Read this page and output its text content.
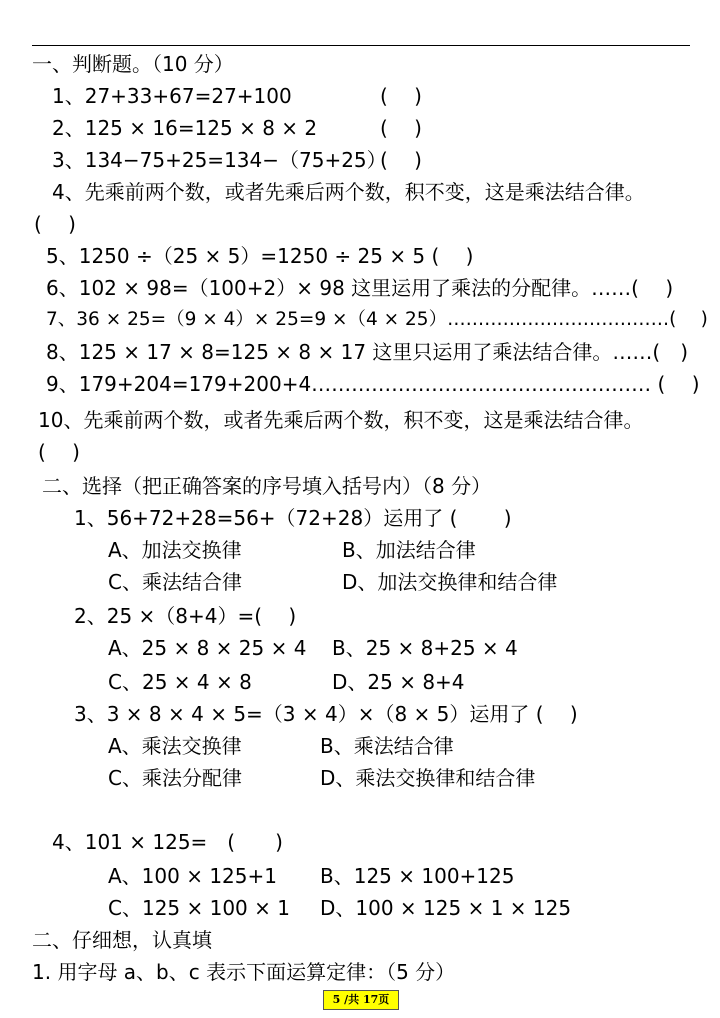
一、判断题。（10 分）
1、27+33+67=27+100	(　 )
2、125 × 16=125 × 8 × 2	(　 )
3、134−75+25=134−（75+25）
(　 )
4、先乘前两个数，或者先乘后两个数，积不变，这是乘法结合律。
(　 )
5、1250 ÷（25 × 5）=1250 ÷ 25 × 5 (　 )
6、102 × 98=（100+2）× 98 这里运用了乘法的分配律。……(　 )
7、36 × 25=（9 × 4）× 25=9 ×（4 × 25）………………………………(　 )
8、125 × 17 × 8=125 × 8 × 17 这里只运用了乘法结合律。……(　)
9、179+204=179+200+4…………………………………………… (　 )
10、先乘前两个数，或者先乘后两个数，积不变，这是乘法结合律。
(　 )
二、选择（把正确答案的序号填入括号内）（8 分）
1、56+72+28=56+（72+28）运用了 (　　 )
A、加法交换律	B、加法结合律
C、乘法结合律	D、加法交换律和结合律
2、25 ×（8+4）=(　 )
A、25 × 8 × 25 × 4 B、25 × 8+25 × 4
C、25 × 4 × 8	D、25 × 8+4
3、3 × 8 × 4 × 5=（3 × 4）×（8 × 5）运用了 (　 )
A、乘法交换律	B、乘法结合律
C、乘法分配律	D、乘法交换律和结合律
4、101 × 125=　(　　)
A、100 × 125+1 B、125 × 100+125
C、125 × 100 × 1 D、100 × 125 × 1 × 125
二、仔细想，认真填
1. 用字母 a、b、c 表示下面运算定律：（5 分）
5 /共 17页
